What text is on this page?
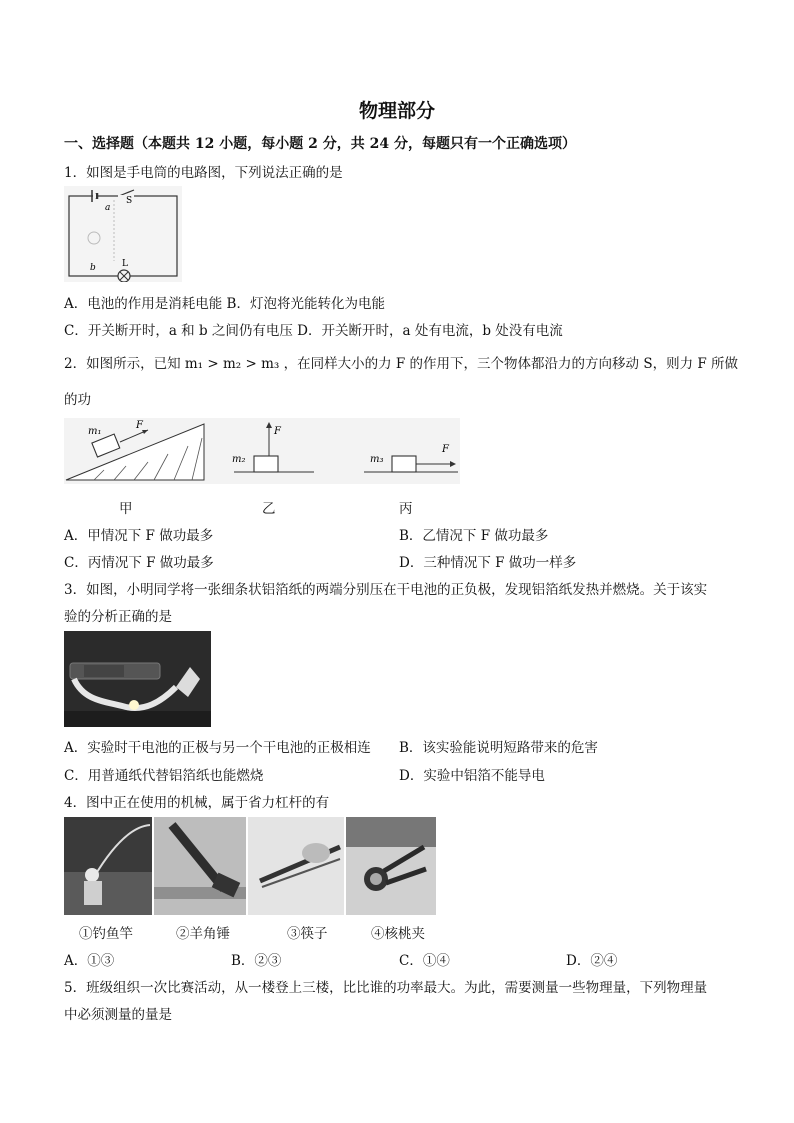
物理部分
一、选择题（本题共 12 小题，每小题 2 分，共 24 分，每题只有一个正确选项）
1．如图是手电筒的电路图，下列说法正确的是
a
S
b	L
A．电池的作用是消耗电能 B．灯泡将光能转化为电能
C．开关断开时，a 和 b 之间仍有电压 D．开关断开时，a 处有电流，b 处没有电流
2．如图所示，已知 m₁ > m₂ > m₃ ，在同样大小的力 F 的作用下，三个物体都沿力的方向移动 S，则力 F 所做
的功
m₁
F
m₂
F
m₃
F
甲	乙	丙
A．甲情况下 F 做功最多	B．乙情况下 F 做功最多
C．丙情况下 F 做功最多	D．三种情况下 F 做功一样多
3．如图，小明同学将一张细条状铝箔纸的两端分别压在干电池的正负极，发现铝箔纸发热并燃烧。关于该实
验的分析正确的是
A．实验时干电池的正极与另一个干电池的正极相连 B．该实验能说明短路带来的危害
C．用普通纸代替铝箔纸也能燃烧	D．实验中铝箔不能导电
4．图中正在使用的机械，属于省力杠杆的有
①钓鱼竿	②羊角锤	③筷子	④核桃夹
A．①③	B．②③	C．①④	D．②④
5．班级组织一次比赛活动，从一楼登上三楼，比比谁的功率最大。为此，需要测量一些物理量，下列物理量
中必须测量的量是
